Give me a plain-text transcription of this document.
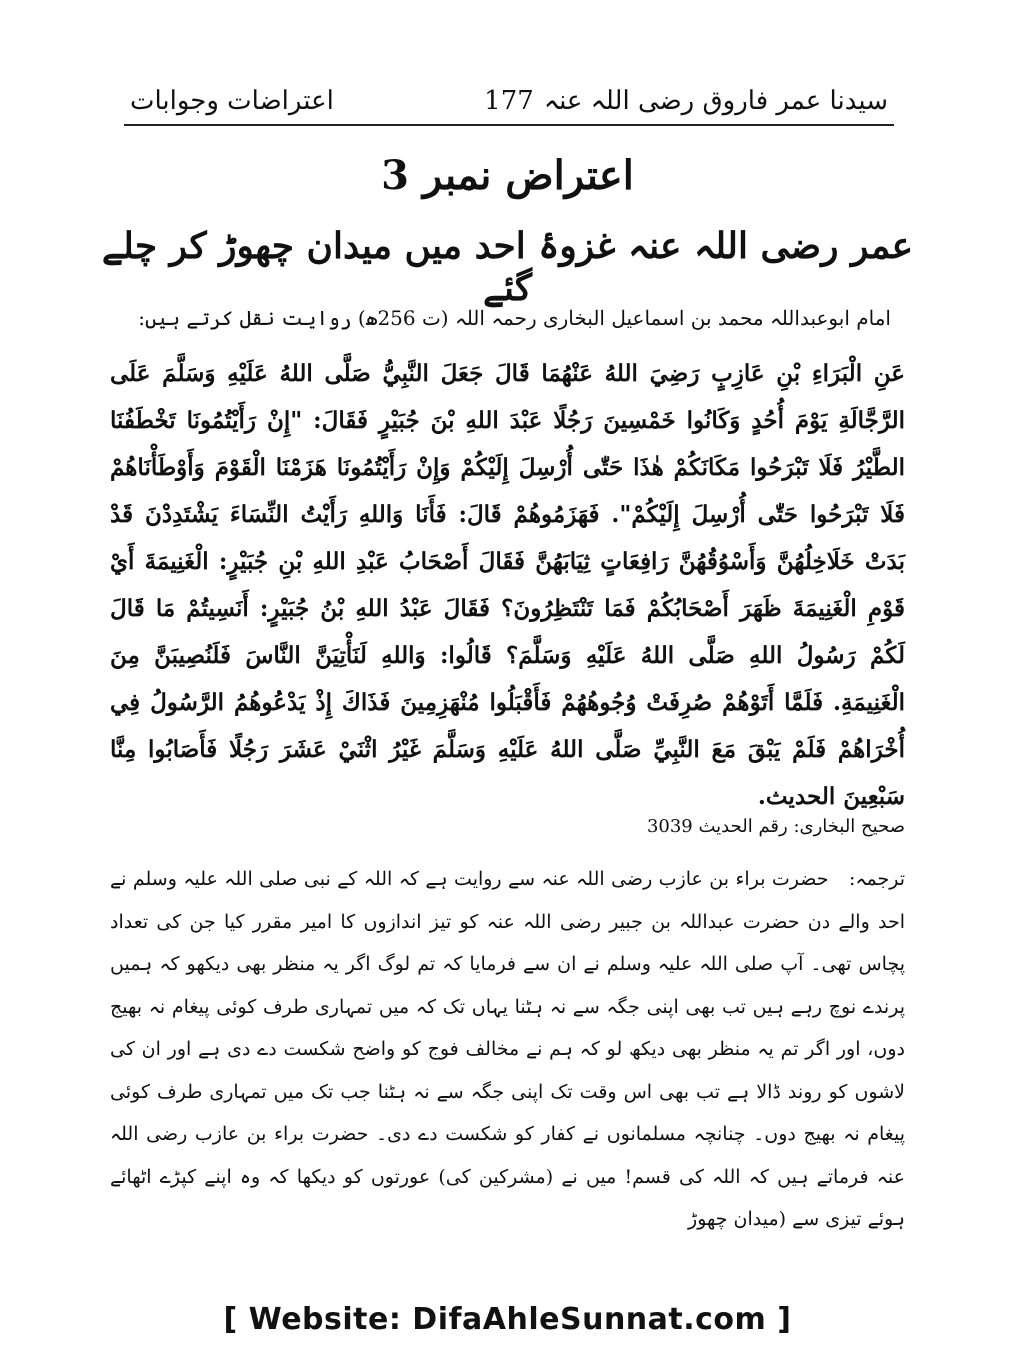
سیدنا عمر فاروق رضی اللہ عنہ
177
اعتراضات وجوابات
اعتراض نمبر 3
عمر رضی اللہ عنہ غزوۂ احد میں میدان چھوڑ کر چلے گئے
امام ابوعبداللہ محمد بن اسماعیل البخاری رحمہ اللہ (ت 256ھ) روایت نقل کرتے ہیں:
عَنِ الْبَرَاءِ بْنِ عَازِبٍ رَضِيَ اللهُ عَنْهُمَا قَالَ جَعَلَ النَّبِيُّ صَلَّى اللهُ عَلَيْهِ وَسَلَّمَ عَلَى الرَّجَّالَةِ يَوْمَ أُحُدٍ وَكَانُوا خَمْسِينَ رَجُلًا عَبْدَ اللهِ بْنَ جُبَيْرٍ فَقَالَ: "إِنْ رَأَيْتُمُونَا تَخْطَفُنَا الطَّيْرُ فَلَا تَبْرَحُوا مَكَانَكُمْ هٰذَا حَتّٰى أُرْسِلَ إِلَيْكُمْ وَإِنْ رَأَيْتُمُونَا هَزَمْنَا الْقَوْمَ وَأَوْطَأْنَاهُمْ فَلَا تَبْرَحُوا حَتّٰى أُرْسِلَ إِلَيْكُمْ". فَهَزَمُوهُمْ قَالَ: فَأَنَا وَاللهِ رَأَيْتُ النِّسَاءَ يَشْتَدِدْنَ قَدْ بَدَتْ خَلَاخِلُهُنَّ وَأَسْوُقُهُنَّ رَافِعَاتٍ ثِيَابَهُنَّ فَقَالَ أَصْحَابُ عَبْدِ اللهِ بْنِ جُبَيْرٍ: الْغَنِيمَةَ أَيْ قَوْمِ الْغَنِيمَةَ ظَهَرَ أَصْحَابُكُمْ فَمَا تَنْتَظِرُونَ؟ فَقَالَ عَبْدُ اللهِ بْنُ جُبَيْرٍ: أَنَسِيتُمْ مَا قَالَ لَكُمْ رَسُولُ اللهِ صَلَّى اللهُ عَلَيْهِ وَسَلَّمَ؟ قَالُوا: وَاللهِ لَنَأْتِيَنَّ النَّاسَ فَلَنُصِيبَنَّ مِنَ الْغَنِيمَةِ. فَلَمَّا أَتَوْهُمْ صُرِفَتْ وُجُوهُهُمْ فَأَقْبَلُوا مُنْهَزِمِينَ فَذَاكَ إِذْ يَدْعُوهُمُ الرَّسُولُ فِي أُخْرَاهُمْ فَلَمْ يَبْقَ مَعَ النَّبِيِّ صَلَّى اللهُ عَلَيْهِ وَسَلَّمَ غَيْرُ اثْنَيْ عَشَرَ رَجُلًا فَأَصَابُوا مِنَّا سَبْعِينَ الحديث.
صحیح البخاری: رقم الحدیث 3039
ترجمہ: حضرت براء بن عازب رضی اللہ عنہ سے روایت ہے کہ اللہ کے نبی صلی اللہ علیہ وسلم نے احد والے دن حضرت عبداللہ بن جبیر رضی اللہ عنہ کو تیز اندازوں کا امیر مقرر کیا جن کی تعداد پچاس تھی۔ آپ صلی اللہ علیہ وسلم نے ان سے فرمایا کہ تم لوگ اگر یہ منظر بھی دیکھو کہ ہمیں پرندے نوچ رہے ہیں تب بھی اپنی جگہ سے نہ ہٹنا یہاں تک کہ میں تمہاری طرف کوئی پیغام نہ بھیج دوں، اور اگر تم یہ منظر بھی دیکھ لو کہ ہم نے مخالف فوج کو واضح شکست دے دی ہے اور ان کی لاشوں کو روند ڈالا ہے تب بھی اس وقت تک اپنی جگہ سے نہ ہٹنا جب تک میں تمہاری طرف کوئی پیغام نہ بھیج دوں۔ چنانچہ مسلمانوں نے کفار کو شکست دے دی۔ حضرت براء بن عازب رضی اللہ عنہ فرماتے ہیں کہ اللہ کی قسم! میں نے (مشرکین کی) عورتوں کو دیکھا کہ وہ اپنے کپڑے اٹھائے ہوئے تیزی سے (میدان چھوڑ
[ Website: DifaAhleSunnat.com ]
